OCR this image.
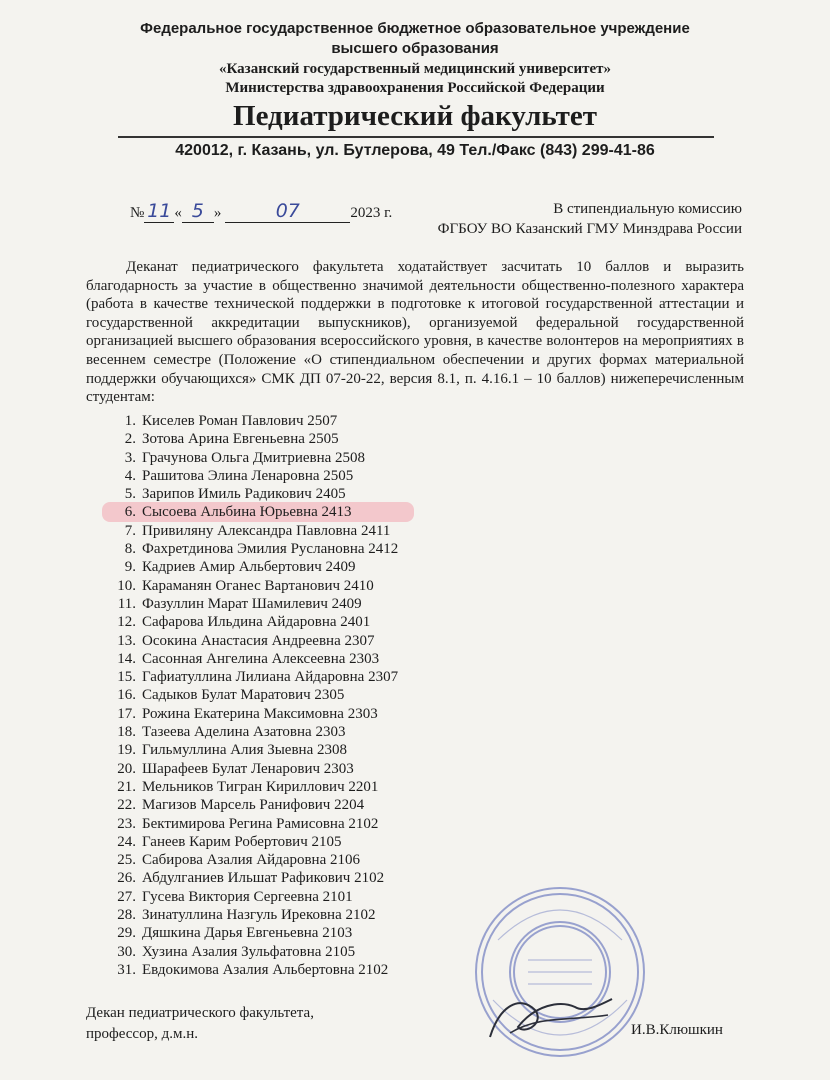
Федеральное государственное бюджетное образовательное учреждение
высшего образования
«Казанский государственный медицинский университет»
Министерства здравоохранения Российской Федерации
Педиатрический факультет
420012, г. Казань, ул. Бутлерова, 49 Тел./Факс (843) 299-41-86
№ 11 « 5 »	07	2023 г.	В стипендиальную комиссию
ФГБОУ ВО Казанский ГМУ Минздрава России

Деканат педиатрического факультета ходатайствует засчитать 10 баллов и выразить благодарность за участие в общественно значимой деятельности общественно-полезного характера (работа в качестве технической поддержки в подготовке к итоговой государственной аттестации и государственной аккредитации выпускников), организуемой федеральной государственной организацией высшего образования всероссийского уровня, в качестве волонтеров на мероприятиях в весеннем семестре (Положение «О стипендиальном обеспечении и других формах материальной поддержки обучающихся» СМК ДП 07-20-22, версия 8.1, п. 4.16.1 – 10 баллов) нижеперечисленным студентам:

1. Киселев Роман Павлович 2507
2. Зотова Арина Евгеньевна 2505
3. Грачунова Ольга Дмитриевна 2508
4. Рашитова Элина Ленаровна 2505
5. Зарипов Имиль Радикович 2405
6. Сысоева Альбина Юрьевна 2413
7. Привиляну Александра Павловна 2411
8. Фахретдинова Эмилия Руслановна 2412
9. Кадриев Амир Альбертович 2409
10. Караманян Оганес Вартанович 2410
11. Фазуллин Марат Шамилевич 2409
12. Сафарова Ильдина Айдаровна 2401
13. Осокина Анастасия Андреевна 2307
14. Сасонная Ангелина Алексеевна 2303
15. Гафиатуллина Лилиана Айдаровна 2307
16. Садыков Булат Маратович 2305
17. Рожина Екатерина Максимовна 2303
18. Тазеева Аделина Азатовна 2303
19. Гильмуллина Алия Зыевна 2308
20. Шарафеев Булат Ленарович 2303
21. Мельников Тигран Кириллович 2201
22. Магизов Марсель Ранифович 2204
23. Бектимирова Регина Рамисовна 2102
24. Ганеев Карим Робертович 2105
25. Сабирова Азалия Айдаровна 2106
26. Абдулганиев Ильшат Рафикович 2102
27. Гусева Виктория Сергеевна 2101
28. Зинатуллина Назгуль Ирековна 2102
29. Дяшкина Дарья Евгеньевна 2103
30. Хузина Азалия Зульфатовна 2105
31. Евдокимова Азалия Альбертовна 2102
Декан педиатрического факультета,
профессор, д.м.н.	И.В.Клюшкин
